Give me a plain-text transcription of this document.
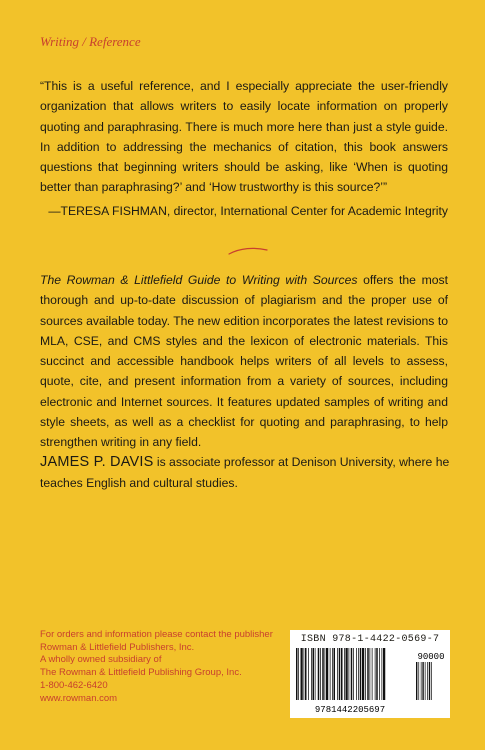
Writing / Reference

“This is a useful reference, and I especially appreciate the user-friendly organization that allows writers to easily locate information on properly quoting and paraphrasing. There is much more here than just a style guide. In addition to addressing the mechanics of citation, this book answers questions that beginning writers should be asking, like ‘When is quoting better than paraphrasing?’ and ‘How trustworthy is this source?’”

—TERESA FISHMAN, director, International Center for Academic Integrity

The Rowman & Littlefield Guide to Writing with Sources offers the most thorough and up-to-date discussion of plagiarism and the proper use of sources available today. The new edition incorporates the latest revisions to MLA, CSE, and CMS styles and the lexicon of electronic materials. This succinct and accessible handbook helps writers of all levels to assess, quote, cite, and present information from a variety of sources, including electronic and Internet sources. It features updated samples of writing and style sheets, as well as a checklist for quoting and paraphrasing, to help strengthen writing in any field.

JAMES P. DAVIS is associate professor at Denison University, where he teaches English and cultural studies.

For orders and information please contact the publisher
Rowman & Littlefield Publishers, Inc.
A wholly owned subsidiary of
The Rowman & Littlefield Publishing Group, Inc.
1-800-462-6420
www.rowman.com
ISBN 978-1-4422-0569-7
9781442205697
90000
